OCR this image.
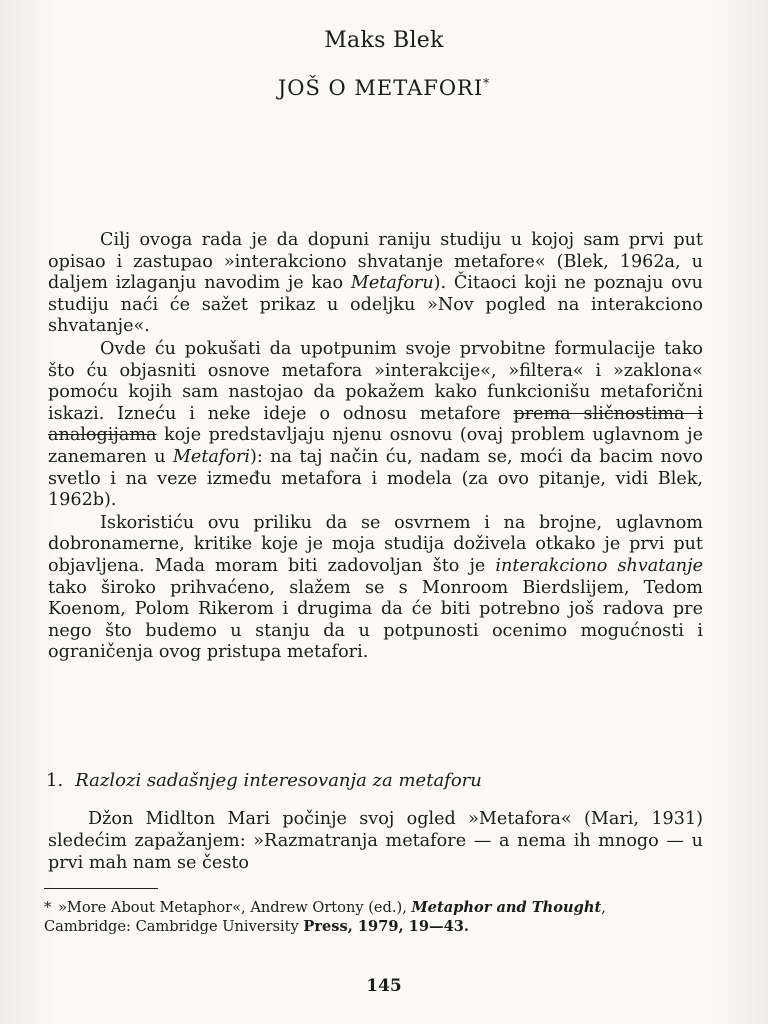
Maks Blek
JOŠ O METAFORI*

Cilj ovoga rada je da dopuni raniju studiju u kojoj sam prvi put opisao i zastupao »interakciono shvatanje metafore« (Blek, 1962a, u daljem izlaganju navodim je kao Metaforu). Čitaoci koji ne poznaju ovu studiju naći će sažet prikaz u odeljku »Nov pogled na interakciono shvatanje«.

Ovde ću pokušati da upotpunim svoje prvobitne formulacije tako što ću objasniti osnove metafora »interakcije«, »filtera« i »zaklona« pomoću kojih sam nastojao da pokažem kako funkcionišu metaforični iskazi. Izneću i neke ideje o odnosu metafore prema sličnostima i analogijama koje predstavljaju njenu osnovu (ovaj problem uglavnom je zanemaren u Metafori): na taj način ću, nadam se, moći da bacim novo svetlo i na veze između metafora i modela (za ovo pitanje, vidi Blek, 1962b).

Iskoristiću ovu priliku da se osvrnem i na brojne, uglavnom dobronamerne, kritike koje je moja studija doživela otkako je prvi put objavljena. Mada moram biti zadovoljan što je interakciono shvatanje tako široko prihvaćeno, slažem se s Monroom Bierdslijem, Tedom Koenom, Polom Rikerom i drugima da će biti potrebno još radova pre nego što budemo u stanju da u potpunosti ocenimo mogućnosti i ograničenja ovog pristupa metafori.

1. Razlozi sadašnjeg interesovanja za metaforu

Džon Midlton Mari počinje svoj ogled »Metafora« (Mari, 1931) sledećim zapažanjem: »Razmatranja metafore — a nema ih mnogo — u prvi mah nam se često

* »More About Metaphor«, Andrew Ortony (ed.), Metaphor and Thought, Cambridge: Cambridge University Press, 1979, 19—43.
145
